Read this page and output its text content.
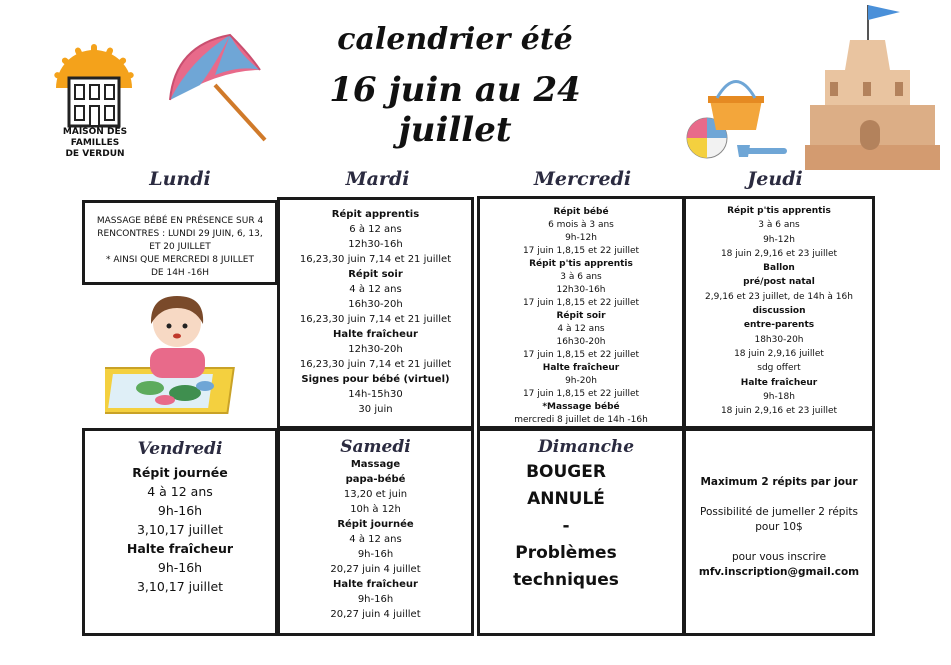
MAISON DES
FAMILLES
DE VERDUN
calendrier été
16 juin au 24 juillet
Lundi	Mardi	Mercredi	Jeudi
MASSAGE BÉBÉ EN PRÉSENCE SUR 4
RENCONTRES : LUNDI 29 JUIN, 6, 13,
ET 20 JUILLET
* AINSI QUE MERCREDI 8 JUILLET
DE 14H -16H
Répit apprentis
6 à 12 ans
12h30-16h
16,23,30 juin 7,14 et 21 juillet
Répit soir
4 à 12 ans
16h30-20h
16,23,30 juin 7,14 et 21 juillet
Halte fraîcheur
12h30-20h
16,23,30 juin 7,14 et 21 juillet
Signes pour bébé (virtuel)
14h-15h30
30 juin
Répit bébé
6 mois à 3 ans
9h-12h
17 juin 1,8,15 et 22 juillet
Répit p'tis apprentis
3 à 6 ans
12h30-16h
17 juin 1,8,15 et 22 juillet
Répit soir
4 à 12 ans
16h30-20h
17 juin 1,8,15 et 22 juillet
Halte fraîcheur
9h-20h
17 juin 1,8,15 et 22 juillet
*Massage bébé
mercredi 8 juillet de 14h -16h
Répit p'tis apprentis
3 à 6 ans
9h-12h
18 juin 2,9,16 et 23 juillet
Ballon
pré/post natal
2,9,16 et 23 juillet, de 14h à 16h
discussion
entre-parents
18h30-20h
18 juin 2,9,16 juillet
sdg offert
Halte fraîcheur
9h-18h
18 juin 2,9,16 et 23 juillet
Vendredi
Répit journée
4 à 12 ans
9h-16h
3,10,17 juillet
Halte fraîcheur
9h-16h
3,10,17 juillet
Samedi
Massage
papa-bébé
13,20 et juin
10h à 12h
Répit journée
4 à 12 ans
9h-16h
20,27 juin 4 juillet
Halte fraîcheur
9h-16h
20,27 juin 4 juillet
Dimanche
BOUGER
ANNULÉ
-
Problèmes
techniques
Maximum 2 répits par jour
Possibilité de jumeller 2 répits
pour 10$
pour vous inscrire
mfv.inscription@gmail.com
